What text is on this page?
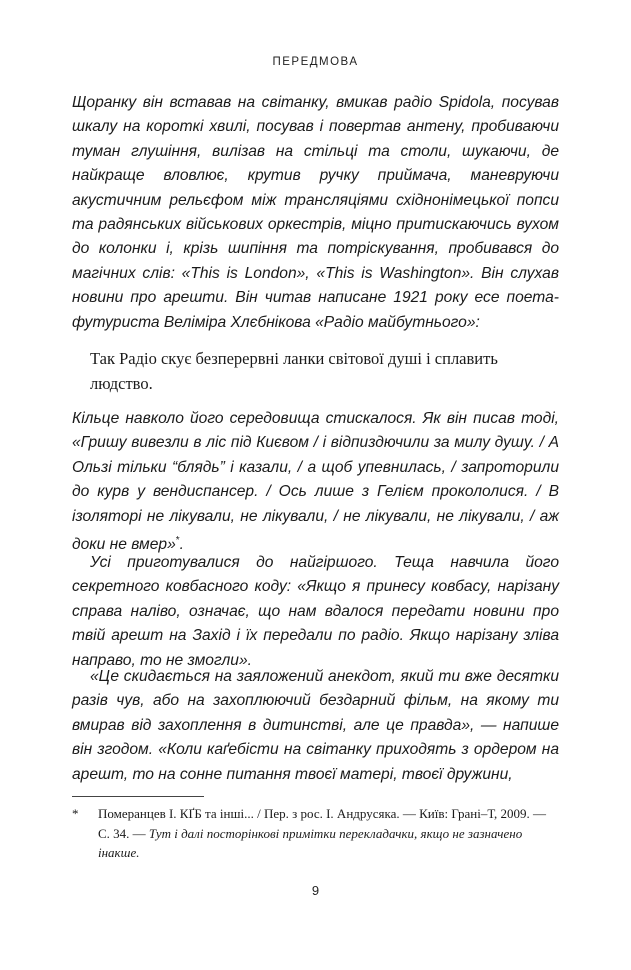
ПЕРЕДМОВА
Щоранку він вставав на світанку, вмикав радіо Spidola, посував шкалу на короткі хвилі, посував і повертав антену, пробиваючи туман глушіння, вилізав на стільці та столи, шукаючи, де найкраще вловлює, крутив ручку приймача, маневруючи акустичним рельєфом між трансляціями східнонімецької попси та радянських військових оркестрів, міцно притискаючись вухом до колонки і, крізь шипіння та потріскування, пробивався до магічних слів: «This is London», «This is Washington». Він слухав новини про арешти. Він читав написане 1921 року есе поета-футуриста Веліміра Хлєбнікова «Радіо майбутнього»:
Так Радіо скує безперервні ланки світової душі і сплавить людство.
Кільце навколо його середовища стискалося. Як він писав тоді, «Гришу вивезли в ліс під Києвом / і відпиздючили за милу душу. / А Ользі тільки “блядь” і казали, / а щоб упевнилась, / запроторили до курв у вендиспансер. / Ось лише з Гелієм прокололися. / В ізоляторі не лікували, не лікували, / не лікували, не лікували, / аж доки не вмер»*.
Усі приготувалися до найгіршого. Теща навчила його секретного ковбасного коду: «Якщо я принесу ковбасу, нарізану справа наліво, означає, що нам вдалося передати новини про твій арешт на Захід і їх передали по радіо. Якщо нарізану зліва направо, то не змогли».
«Це скидається на заяложений анекдот, який ти вже десятки разів чув, або на захоплюючий бездарний фільм, на якому ти вмирав від захоплення в дитинстві, але це правда», — напише він згодом. «Коли каґебісти на світанку приходять з ордером на арешт, то на сонне питання твоєї матері, твоєї дружини,
* Померанцев І. КҐБ та інші... / Пер. з рос. І. Андрусяка. — Київ: Грані–Т, 2009. — С. 34. — Тут і далі посторінкові примітки перекладачки, якщо не зазначено інакше.
9
